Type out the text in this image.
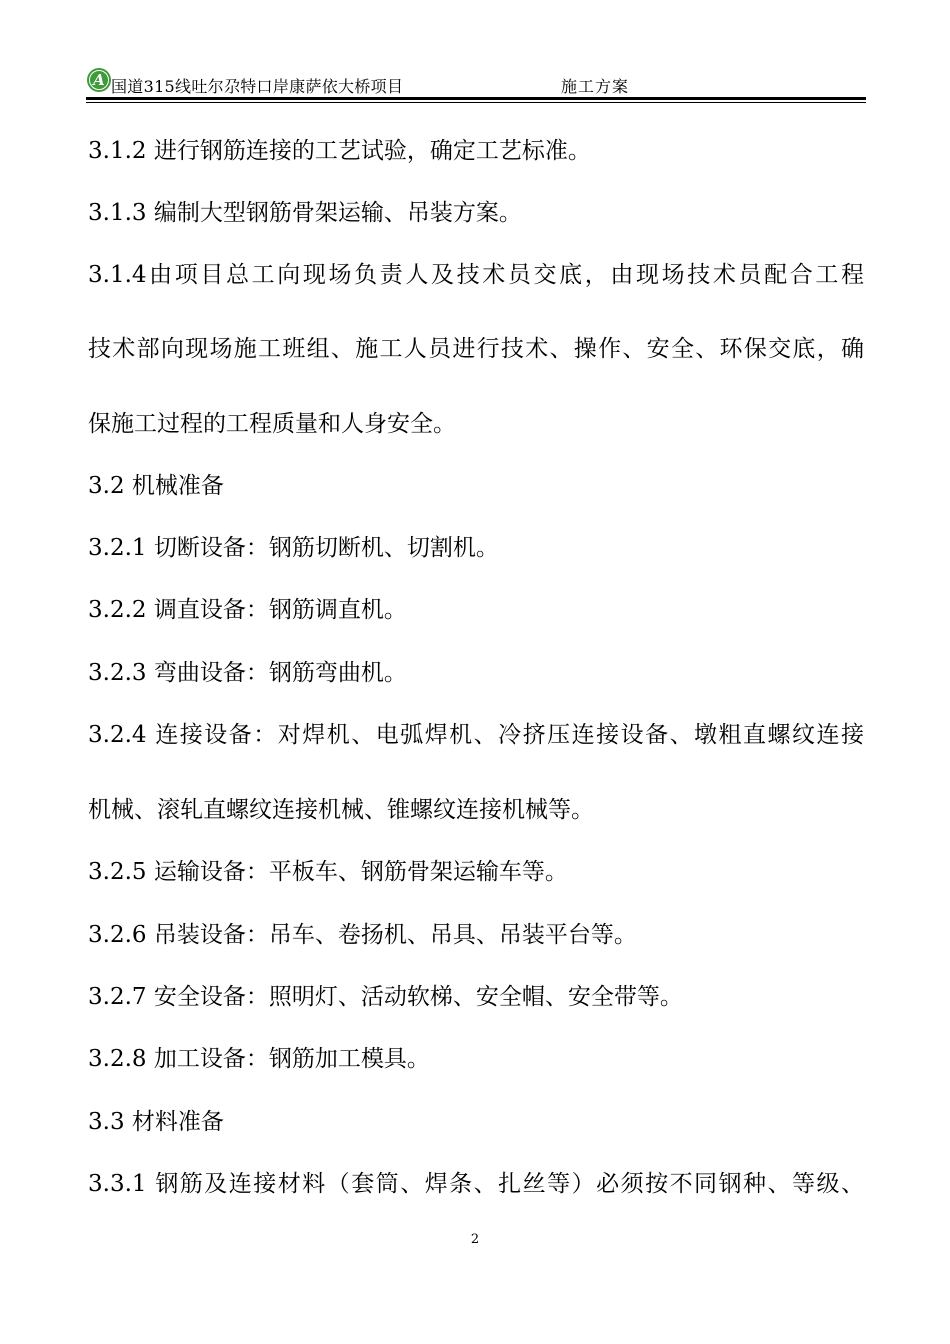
A 国道315线吐尔尕特口岸康萨依大桥项目	施工方案
3.1.2 进行钢筋连接的工艺试验，确定工艺标准。
3.1.3 编制大型钢筋骨架运输、吊装方案。
3.1.4由项目总工向现场负责人及技术员交底，由现场技术员配合工程
技术部向现场施工班组、施工人员进行技术、操作、安全、环保交底，确
保施工过程的工程质量和人身安全。
3.2 机械准备
3.2.1 切断设备：钢筋切断机、切割机。
3.2.2 调直设备：钢筋调直机。
3.2.3 弯曲设备：钢筋弯曲机。
3.2.4 连接设备：对焊机、电弧焊机、冷挤压连接设备、墩粗直螺纹连接
机械、滚轧直螺纹连接机械、锥螺纹连接机械等。
3.2.5 运输设备：平板车、钢筋骨架运输车等。
3.2.6 吊装设备：吊车、卷扬机、吊具、吊装平台等。
3.2.7 安全设备：照明灯、活动软梯、安全帽、安全带等。
3.2.8 加工设备：钢筋加工模具。
3.3 材料准备
3.3.1 钢筋及连接材料（套筒、焊条、扎丝等）必须按不同钢种、等级、
2
